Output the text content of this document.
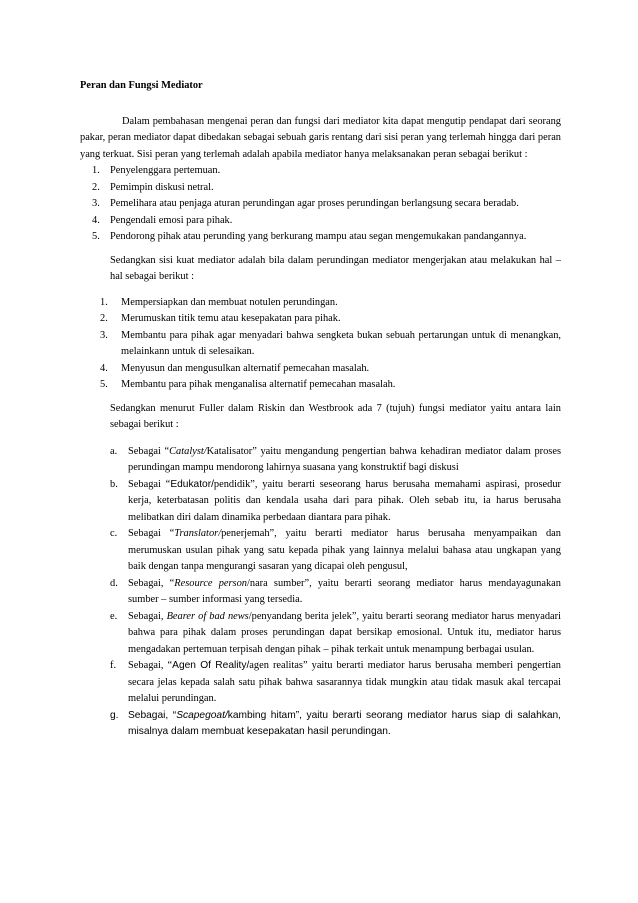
Peran dan Fungsi Mediator

Dalam pembahasan mengenai peran dan fungsi dari mediator kita dapat mengutip pendapat dari seorang pakar, peran mediator dapat dibedakan sebagai sebuah garis rentang dari sisi peran yang terlemah hingga dari peran yang terkuat. Sisi peran yang terlemah adalah apabila mediator hanya melaksanakan peran sebagai berikut :

1. Penyelenggara pertemuan.
2. Pemimpin diskusi netral.
3. Pemelihara atau penjaga aturan perundingan agar proses perundingan berlangsung secara beradab.
4. Pengendali emosi para pihak.
5. Pendorong pihak atau perunding yang berkurang mampu atau segan mengemukakan pandangannya.

Sedangkan sisi kuat mediator adalah bila dalam perundingan mediator mengerjakan atau melakukan hal – hal sebagai berikut :

1. Mempersiapkan dan membuat notulen perundingan.
2. Merumuskan titik temu atau kesepakatan para pihak.
3. Membantu para pihak agar menyadari bahwa sengketa bukan sebuah pertarungan untuk di menangkan, melainkann untuk di selesaikan.
4. Menyusun dan mengusulkan alternatif pemecahan masalah.
5. Membantu para pihak menganalisa alternatif pemecahan masalah.

Sedangkan menurut Fuller dalam Riskin dan Westbrook ada 7 (tujuh) fungsi mediator yaitu antara lain sebagai berikut :

a. Sebagai “Catalyst/Katalisator” yaitu mengandung pengertian bahwa kehadiran mediator dalam proses perundingan mampu mendorong lahirnya suasana yang konstruktif bagi diskusi
b. Sebagai “Edukator/pendidik”, yaitu berarti seseorang harus berusaha memahami aspirasi, prosedur kerja, keterbatasan politis dan kendala usaha dari para pihak. Oleh sebab itu, ia harus berusaha melibatkan diri dalam dinamika perbedaan diantara para pihak.
c. Sebagai “Translator/penerjemah”, yaitu berarti mediator harus berusaha menyampaikan dan merumuskan usulan pihak yang satu kepada pihak yang lainnya melalui bahasa atau ungkapan yang baik dengan tanpa mengurangi sasaran yang dicapai oleh pengusul,
d. Sebagai, “Resource person/nara sumber”, yaitu berarti seorang mediator harus mendayagunakan sumber – sumber informasi yang tersedia.
e. Sebagai, Bearer of bad news/penyandang berita jelek”, yaitu berarti seorang mediator harus menyadari bahwa para pihak dalam proses perundingan dapat bersikap emosional. Untuk itu, mediator harus mengadakan pertemuan terpisah dengan pihak – pihak terkait untuk menampung berbagai usulan.
f. Sebagai, “Agen Of Reality/agen realitas” yaitu berarti mediator harus berusaha memberi pengertian secara jelas kepada salah satu pihak bahwa sasarannya tidak mungkin atau tidak masuk akal tercapai melalui perundingan.
g. Sebagai, “Scapegoat/kambing hitam”, yaitu berarti seorang mediator harus siap di salahkan, misalnya dalam membuat kesepakatan hasil perundingan.
